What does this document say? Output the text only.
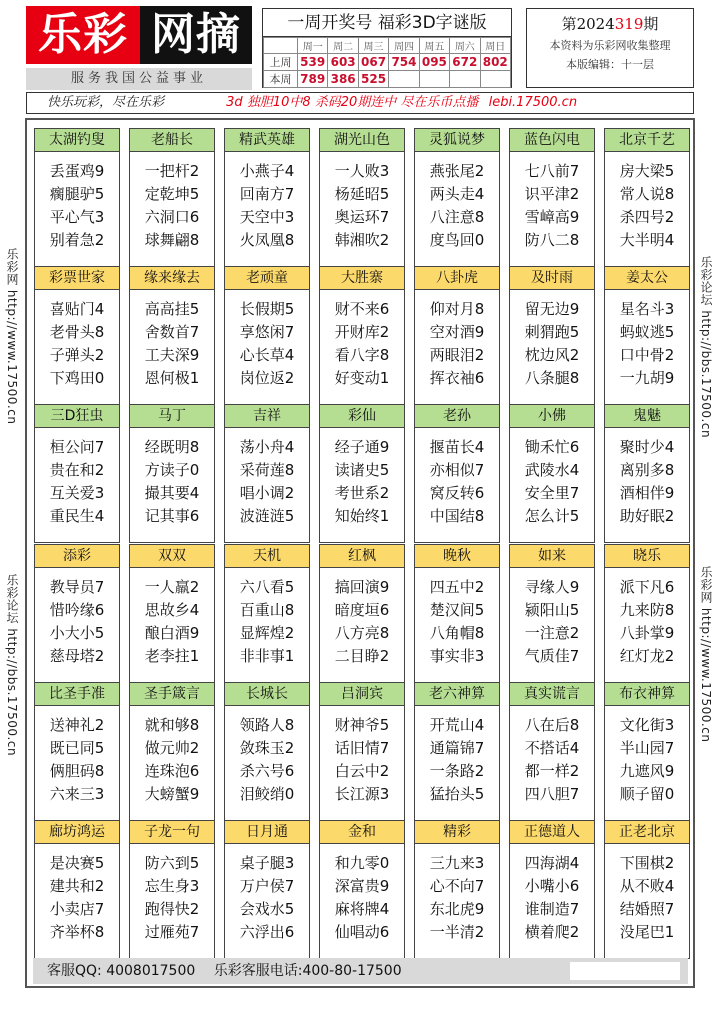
乐彩 网摘
服务我国公益事业
一周开奖号 福彩3D字谜版
	周一	周二	周三	周四	周五	周六	周日
上周	539	603	067	754	095	672	802
本周	789	386	525				
第2024319期
本资料为乐彩网收集整理
本版编辑：十一层
快乐玩彩，尽在乐彩	3d 独胆10中8 杀码20期连中 尽在乐币点播 lebi.17500.cn
乐彩网 http://www.17500.cn
乐彩论坛 http://bbs.17500.cn
乐彩论坛 http://bbs.17500.cn
乐彩网 http://www.17500.cn
太湖钓叟
丢蛋鸡9
瘸腿驴5
平心气3
别着急2
老船长
一把杆2
定乾坤5
六洞口6
球舞翩8
精武英雄
小燕子4
回南方7
天空中3
火凤凰8
湖光山色
一人败3
杨延昭5
奥运环7
韩湘吹2
灵狐说梦
燕张尾2
两头走4
八注意8
度鸟回0
蓝色闪电
七八前7
识平津2
雪嶂高9
防八二8
北京千艺
房大梁5
常人说8
杀四号2
大半明4
彩票世家
喜贴门4
老骨头8
子弹头2
下鸡田0
缘来缘去
高高挂5
舍数首7
工夫深9
恩何极1
老顽童
长假期5
享悠闲7
心长草4
岗位返2
大胜寨
财不来6
开财库2
看八字8
好变动1
八卦虎
仰对月8
空对酒9
两眼泪2
挥衣袖6
及时雨
留无边9
刺猬跑5
枕边风2
八条腿8
姜太公
星名斗3
蚂蚁逃5
口中骨2
一九胡9
三D狂虫
桓公问7
贵在和2
互关爱3
重民生4
马丁
经既明8
方读子0
撮其要4
记其事6
吉祥
荡小舟4
采荷莲8
唱小调2
波涟涟5
彩仙
经子通9
读诸史5
考世系2
知始终1
老孙
揠苗长4
亦相似7
窝反转6
中国结8
小佛
锄禾忙6
武陵水4
安全里7
怎么计5
鬼魅
聚时少4
离别多8
酒相伴9
助好眠2
添彩
教导员7
惜吟缘6
小大小5
慈母塔2
双双
一人羸2
思故乡4
酿白酒9
老李拄1
天机
六八看5
百重山8
显辉煌2
非非事1
红枫
搞回演9
暗度垣6
八方亮8
二目睁2
晚秋
四五中2
楚汉间5
八角帽8
事实非3
如来
寻缘人9
颍阳山5
一注意2
气质佳7
晓乐
派下凡6
九来防8
八卦掌9
红灯龙2
比圣手准
送神礼2
既已同5
俩胆码8
六来三3
圣手箴言
就和够8
做元帅2
连珠泡6
大螃蟹9
长城长
领路人8
敛珠玉2
杀六号6
泪鲛绡0
吕洞宾
财神爷5
话旧情7
白云中2
长江源3
老六神算
开荒山4
通篇锦7
一条路2
猛抬头5
真实谎言
八在后8
不搭话4
都一样2
四八胆7
布衣神算
文化街3
半山园7
九遮风9
顺子留0
廊坊鸿运
是决赛5
建共和2
小卖店7
齐举杯8
子龙一句
防六到5
忘生身3
跑得快2
过雁苑7
日月通
桌子腿3
万户侯7
会戏水5
六浮出6
金和
和九零0
深富贵9
麻将牌4
仙唱动6
精彩
三九来3
心不向7
东北虎9
一半清2
正德道人
四海湖4
小嘴小6
谁制造7
横着爬2
正老北京
下围棋2
从不败4
结婚照7
没尾巴1
客服QQ: 4008017500 乐彩客服电话:400-80-17500
